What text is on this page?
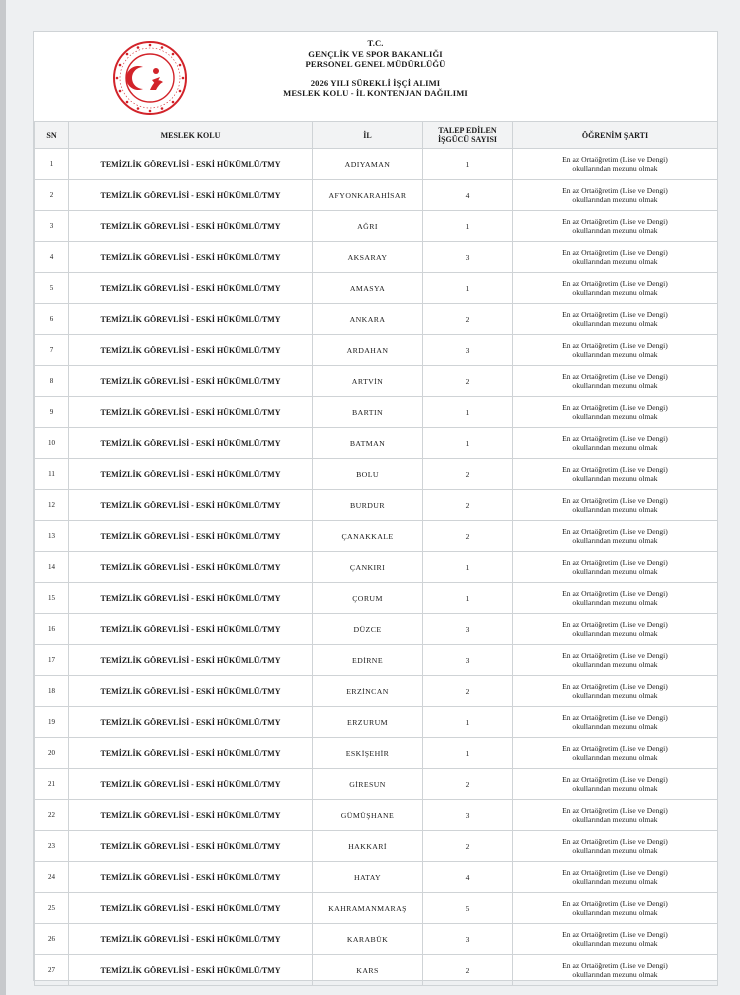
T.C.
GENÇLİK VE SPOR BAKANLIĞI
PERSONEL GENEL MÜDÜRLÜĞÜ
2026 YILI SÜREKLİ İŞÇİ ALIMI
MESLEK KOLU - İL KONTENJAN DAĞILIMI
SN	MESLEK KOLU	İL	TALEP EDİLEN
İŞGÜCÜ SAYISI	ÖĞRENİM ŞARTI
1	TEMİZLİK GÖREVLİSİ - ESKİ HÜKÜMLÜ/TMY	ADIYAMAN	1	En az Ortaöğretim (Lise ve Dengi)
okullarından mezunu olmak

2	TEMİZLİK GÖREVLİSİ - ESKİ HÜKÜMLÜ/TMY	AFYONKARAHİSAR	4	En az Ortaöğretim (Lise ve Dengi)
okullarından mezunu olmak

3	TEMİZLİK GÖREVLİSİ - ESKİ HÜKÜMLÜ/TMY	AĞRI	1	En az Ortaöğretim (Lise ve Dengi)
okullarından mezunu olmak

4	TEMİZLİK GÖREVLİSİ - ESKİ HÜKÜMLÜ/TMY	AKSARAY	3	En az Ortaöğretim (Lise ve Dengi)
okullarından mezunu olmak

5	TEMİZLİK GÖREVLİSİ - ESKİ HÜKÜMLÜ/TMY	AMASYA	1	En az Ortaöğretim (Lise ve Dengi)
okullarından mezunu olmak

6	TEMİZLİK GÖREVLİSİ - ESKİ HÜKÜMLÜ/TMY	ANKARA	2	En az Ortaöğretim (Lise ve Dengi)
okullarından mezunu olmak

7	TEMİZLİK GÖREVLİSİ - ESKİ HÜKÜMLÜ/TMY	ARDAHAN	3	En az Ortaöğretim (Lise ve Dengi)
okullarından mezunu olmak

8	TEMİZLİK GÖREVLİSİ - ESKİ HÜKÜMLÜ/TMY	ARTVİN	2	En az Ortaöğretim (Lise ve Dengi)
okullarından mezunu olmak

9	TEMİZLİK GÖREVLİSİ - ESKİ HÜKÜMLÜ/TMY	BARTIN	1	En az Ortaöğretim (Lise ve Dengi)
okullarından mezunu olmak

10	TEMİZLİK GÖREVLİSİ - ESKİ HÜKÜMLÜ/TMY	BATMAN	1	En az Ortaöğretim (Lise ve Dengi)
okullarından mezunu olmak

11	TEMİZLİK GÖREVLİSİ - ESKİ HÜKÜMLÜ/TMY	BOLU	2	En az Ortaöğretim (Lise ve Dengi)
okullarından mezunu olmak

12	TEMİZLİK GÖREVLİSİ - ESKİ HÜKÜMLÜ/TMY	BURDUR	2	En az Ortaöğretim (Lise ve Dengi)
okullarından mezunu olmak

13	TEMİZLİK GÖREVLİSİ - ESKİ HÜKÜMLÜ/TMY	ÇANAKKALE	2	En az Ortaöğretim (Lise ve Dengi)
okullarından mezunu olmak

14	TEMİZLİK GÖREVLİSİ - ESKİ HÜKÜMLÜ/TMY	ÇANKIRI	1	En az Ortaöğretim (Lise ve Dengi)
okullarından mezunu olmak

15	TEMİZLİK GÖREVLİSİ - ESKİ HÜKÜMLÜ/TMY	ÇORUM	1	En az Ortaöğretim (Lise ve Dengi)
okullarından mezunu olmak

16	TEMİZLİK GÖREVLİSİ - ESKİ HÜKÜMLÜ/TMY	DÜZCE	3	En az Ortaöğretim (Lise ve Dengi)
okullarından mezunu olmak

17	TEMİZLİK GÖREVLİSİ - ESKİ HÜKÜMLÜ/TMY	EDİRNE	3	En az Ortaöğretim (Lise ve Dengi)
okullarından mezunu olmak

18	TEMİZLİK GÖREVLİSİ - ESKİ HÜKÜMLÜ/TMY	ERZİNCAN	2	En az Ortaöğretim (Lise ve Dengi)
okullarından mezunu olmak

19	TEMİZLİK GÖREVLİSİ - ESKİ HÜKÜMLÜ/TMY	ERZURUM	1	En az Ortaöğretim (Lise ve Dengi)
okullarından mezunu olmak

20	TEMİZLİK GÖREVLİSİ - ESKİ HÜKÜMLÜ/TMY	ESKİŞEHİR	1	En az Ortaöğretim (Lise ve Dengi)
okullarından mezunu olmak

21	TEMİZLİK GÖREVLİSİ - ESKİ HÜKÜMLÜ/TMY	GİRESUN	2	En az Ortaöğretim (Lise ve Dengi)
okullarından mezunu olmak

22	TEMİZLİK GÖREVLİSİ - ESKİ HÜKÜMLÜ/TMY	GÜMÜŞHANE	3	En az Ortaöğretim (Lise ve Dengi)
okullarından mezunu olmak

23	TEMİZLİK GÖREVLİSİ - ESKİ HÜKÜMLÜ/TMY	HAKKARİ	2	En az Ortaöğretim (Lise ve Dengi)
okullarından mezunu olmak

24	TEMİZLİK GÖREVLİSİ - ESKİ HÜKÜMLÜ/TMY	HATAY	4	En az Ortaöğretim (Lise ve Dengi)
okullarından mezunu olmak

25	TEMİZLİK GÖREVLİSİ - ESKİ HÜKÜMLÜ/TMY	KAHRAMANMARAŞ	5	En az Ortaöğretim (Lise ve Dengi)
okullarından mezunu olmak

26	TEMİZLİK GÖREVLİSİ - ESKİ HÜKÜMLÜ/TMY	KARABÜK	3	En az Ortaöğretim (Lise ve Dengi)
okullarından mezunu olmak

27	TEMİZLİK GÖREVLİSİ - ESKİ HÜKÜMLÜ/TMY	KARS	2	En az Ortaöğretim (Lise ve Dengi)
okullarından mezunu olmak
